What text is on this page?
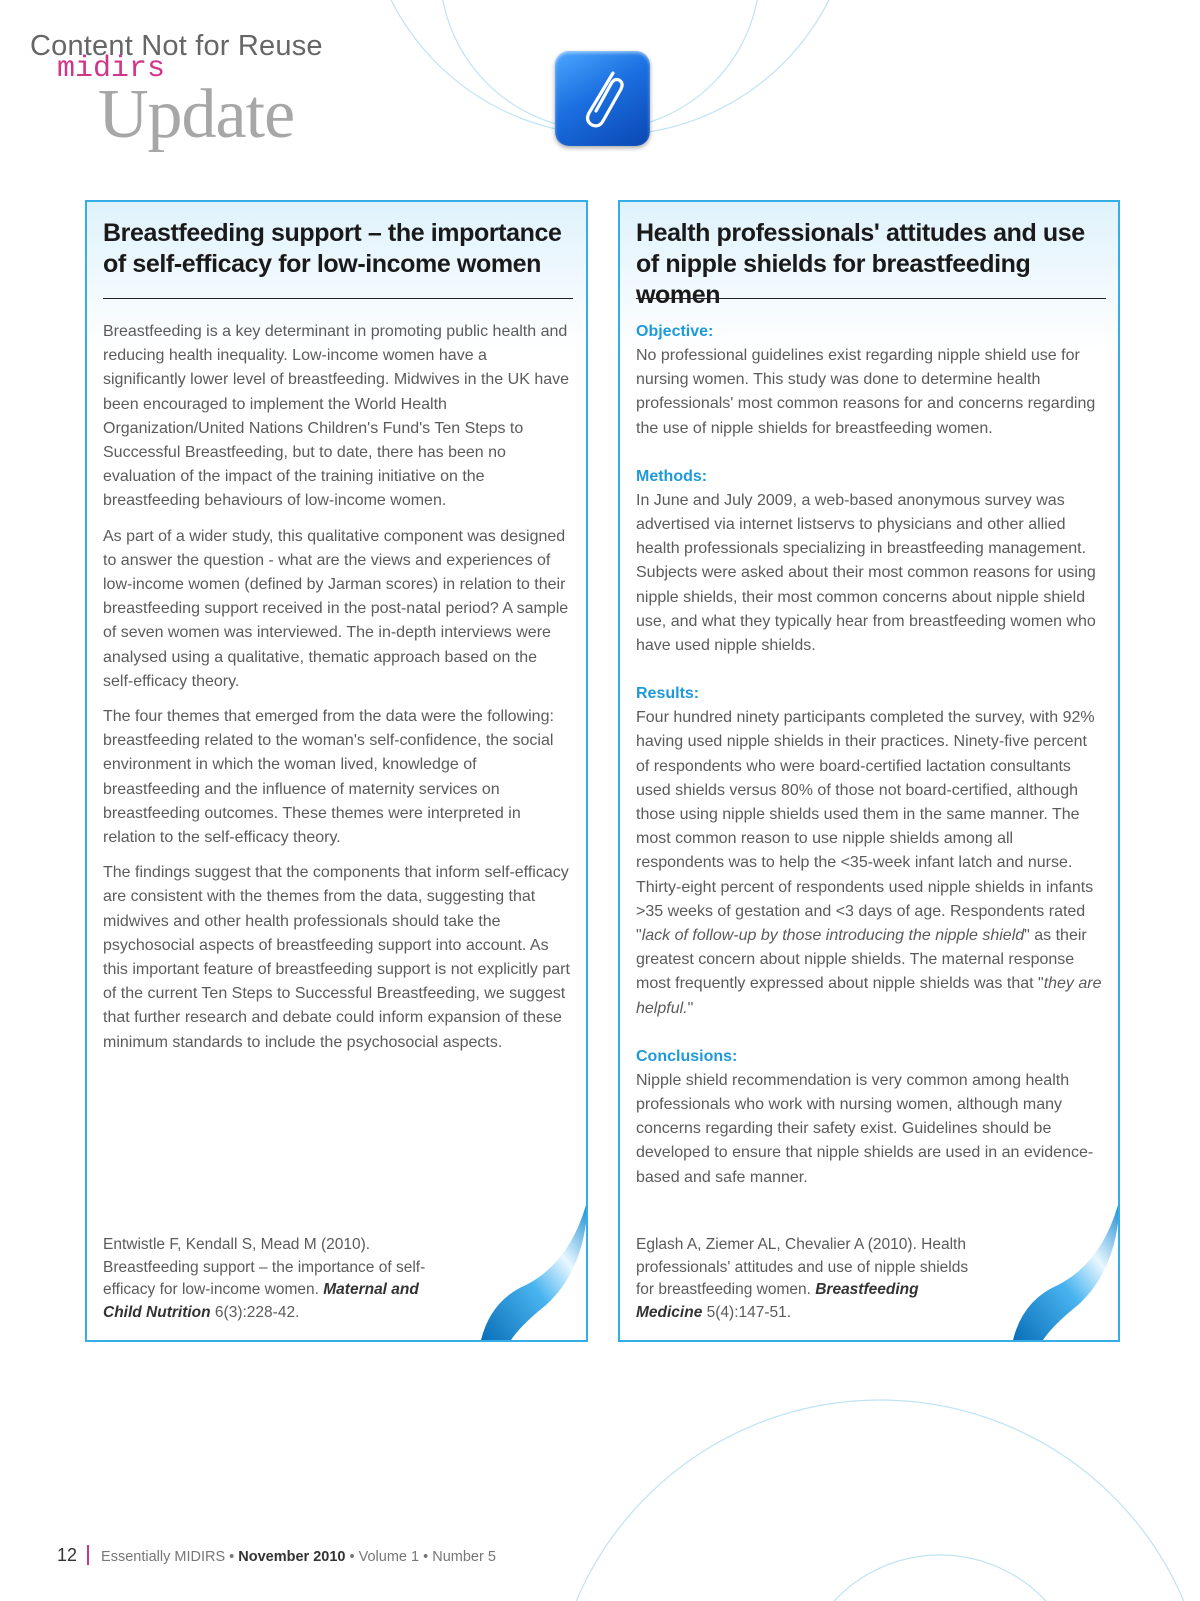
Content Not for Reuse
midirs
Update
Breastfeeding support – the importance of self-efficacy for low-income women

Breastfeeding is a key determinant in promoting public health and reducing health inequality. Low-income women have a significantly lower level of breastfeeding. Midwives in the UK have been encouraged to implement the World Health Organization/United Nations Children's Fund's Ten Steps to Successful Breastfeeding, but to date, there has been no evaluation of the impact of the training initiative on the breastfeeding behaviours of low-income women.

As part of a wider study, this qualitative component was designed to answer the question - what are the views and experiences of low-income women (defined by Jarman scores) in relation to their breastfeeding support received in the post-natal period? A sample of seven women was interviewed. The in-depth interviews were analysed using a qualitative, thematic approach based on the self-efficacy theory.

The four themes that emerged from the data were the following: breastfeeding related to the woman's self-confidence, the social environment in which the woman lived, knowledge of breastfeeding and the influence of maternity services on breastfeeding outcomes. These themes were interpreted in relation to the self-efficacy theory.

The findings suggest that the components that inform self-efficacy are consistent with the themes from the data, suggesting that midwives and other health professionals should take the psychosocial aspects of breastfeeding support into account. As this important feature of breastfeeding support is not explicitly part of the current Ten Steps to Successful Breastfeeding, we suggest that further research and debate could inform expansion of these minimum standards to include the psychosocial aspects.

Entwistle F, Kendall S, Mead M (2010). Breastfeeding support – the importance of self-efficacy for low-income women. Maternal and Child Nutrition 6(3):228-42.
Health professionals' attitudes and use of nipple shields for breastfeeding women
Objective:
No professional guidelines exist regarding nipple shield use for nursing women. This study was done to determine health professionals' most common reasons for and concerns regarding the use of nipple shields for breastfeeding women.
Methods:
In June and July 2009, a web-based anonymous survey was advertised via internet listservs to physicians and other allied health professionals specializing in breastfeeding management. Subjects were asked about their most common reasons for using nipple shields, their most common concerns about nipple shield use, and what they typically hear from breastfeeding women who have used nipple shields.
Results:
Four hundred ninety participants completed the survey, with 92% having used nipple shields in their practices. Ninety-five percent of respondents who were board-certified lactation consultants used shields versus 80% of those not board-certified, although those using nipple shields used them in the same manner. The most common reason to use nipple shields among all respondents was to help the <35-week infant latch and nurse. Thirty-eight percent of respondents used nipple shields in infants >35 weeks of gestation and <3 days of age. Respondents rated "lack of follow-up by those introducing the nipple shield" as their greatest concern about nipple shields. The maternal response most frequently expressed about nipple shields was that "they are helpful."
Conclusions:
Nipple shield recommendation is very common among health professionals who work with nursing women, although many concerns regarding their safety exist. Guidelines should be developed to ensure that nipple shields are used in an evidence-based and safe manner.
Eglash A, Ziemer AL, Chevalier A (2010). Health professionals' attitudes and use of nipple shields for breastfeeding women. Breastfeeding Medicine 5(4):147-51.
12 Essentially MIDIRS • November 2010 • Volume 1 • Number 5
